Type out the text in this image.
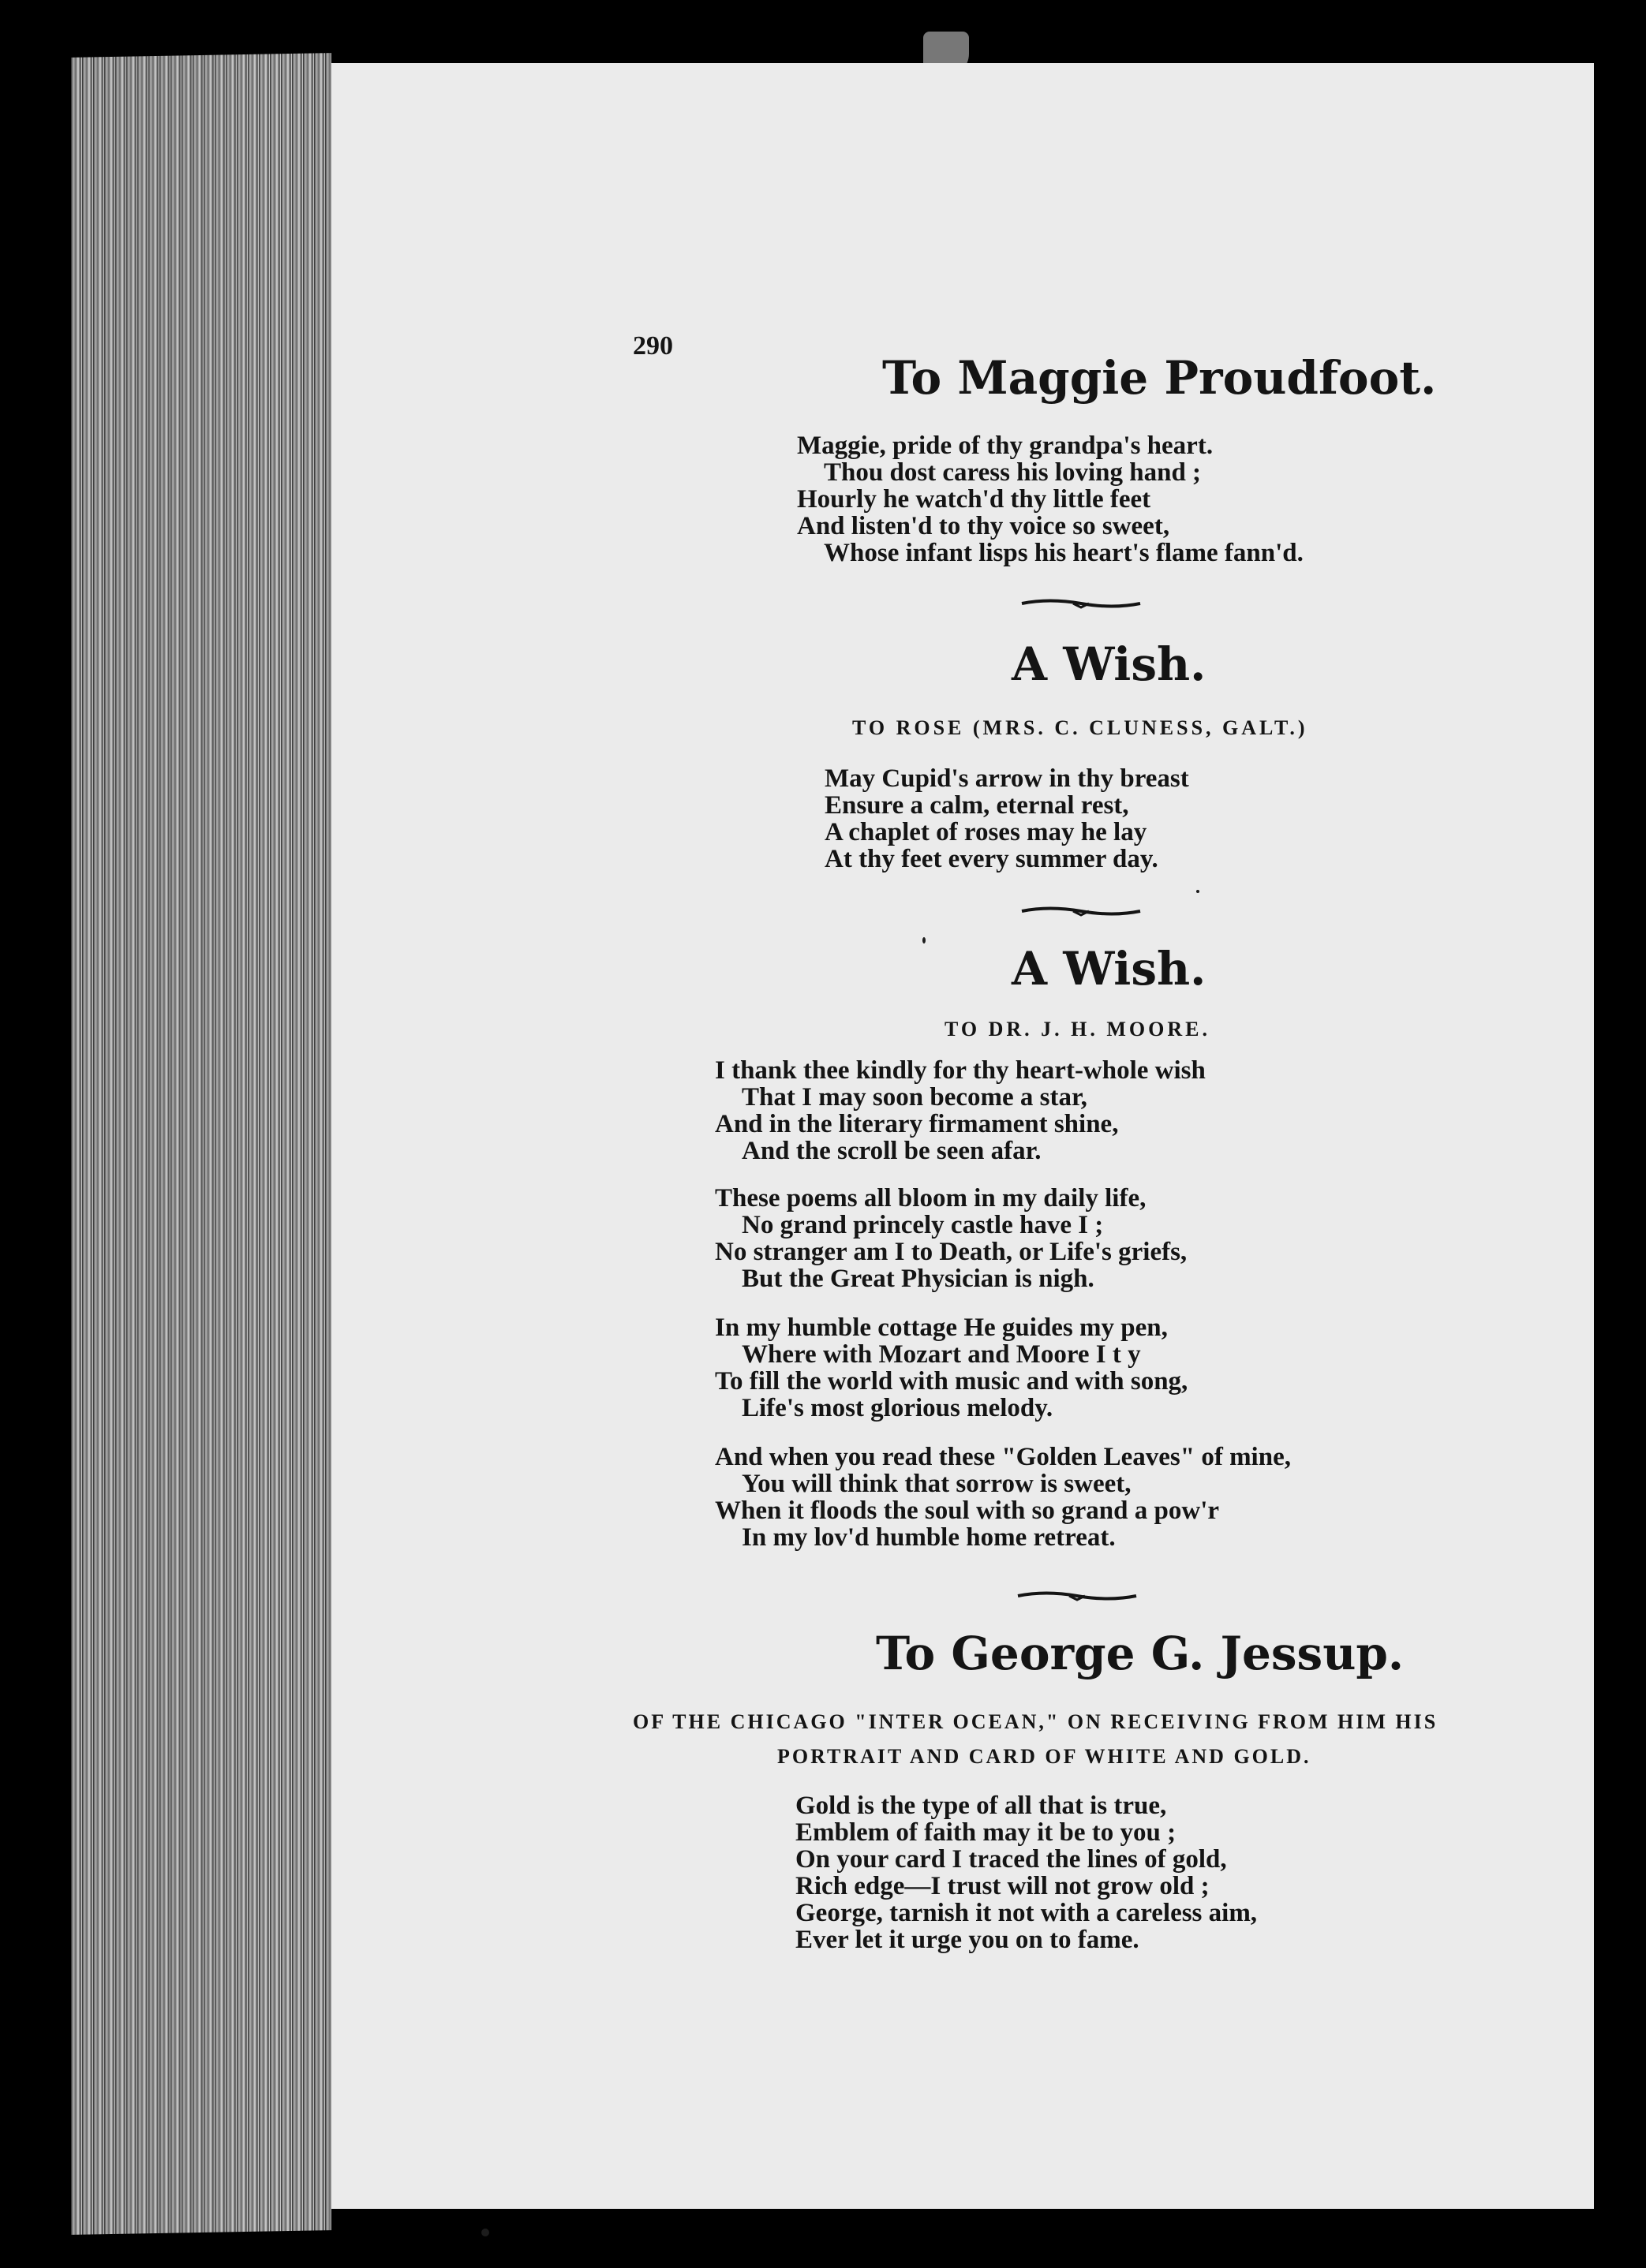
290
To Maggie Proudfoot.
Maggie, pride of thy grandpa's heart.
Thou dost caress his loving hand ;
Hourly he watch'd thy little feet
And listen'd to thy voice so sweet,
Whose infant lisps his heart's flame fann'd.
A Wish.
TO ROSE (MRS. C. CLUNESS, GALT.)
May Cupid's arrow in thy breast
Ensure a calm, eternal rest,
A chaplet of roses may he lay
At thy feet every summer day.
A Wish.
TO DR. J. H. MOORE.
I thank thee kindly for thy heart-whole wish
That I may soon become a star,
And in the literary firmament shine,
And the scroll be seen afar.
These poems all bloom in my daily life,
No grand princely castle have I ;
No stranger am I to Death, or Life's griefs,
But the Great Physician is nigh.
In my humble cottage He guides my pen,
Where with Mozart and Moore I t y
To fill the world with music and with song,
Life's most glorious melody.
And when you read these "Golden Leaves" of mine,
You will think that sorrow is sweet,
When it floods the soul with so grand a pow'r
In my lov'd humble home retreat.
To George G. Jessup.
OF THE CHICAGO "INTER OCEAN," ON RECEIVING FROM HIM HIS
PORTRAIT AND CARD OF WHITE AND GOLD.
Gold is the type of all that is true,
Emblem of faith may it be to you ;
On your card I traced the lines of gold,
Rich edge—I trust will not grow old ;
George, tarnish it not with a careless aim,
Ever let it urge you on to fame.
